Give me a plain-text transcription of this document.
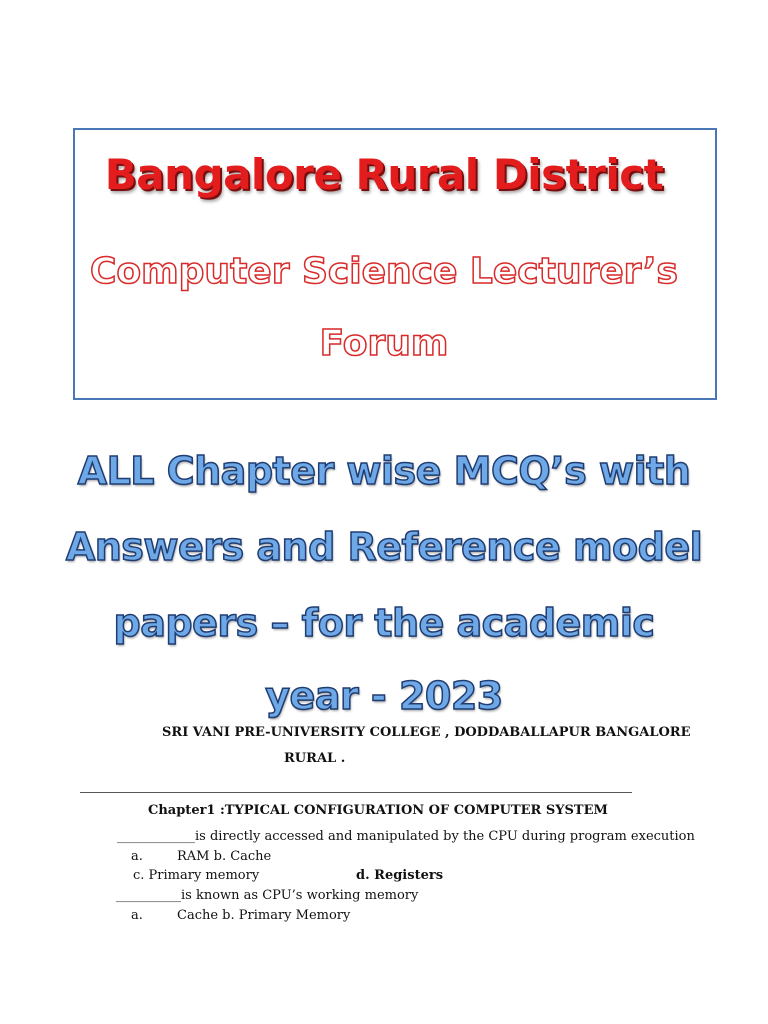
Bangalore Rural District
Computer Science Lecturer’s
Forum
ALL Chapter wise MCQ’s with
Answers and Reference model
papers – for the academic
year - 2023

SRI VANI PRE-UNIVERSITY COLLEGE , DODDABALLAPUR BANGALORE

RURAL .

Chapter1 :TYPICAL CONFIGURATION OF COMPUTER SYSTEM

____________is directly accessed and manipulated by the CPU during program execution

a.	RAM b. Cache

c. Primary memory	d. Registers

__________is known as CPU’s working memory

a.	Cache b. Primary Memory
